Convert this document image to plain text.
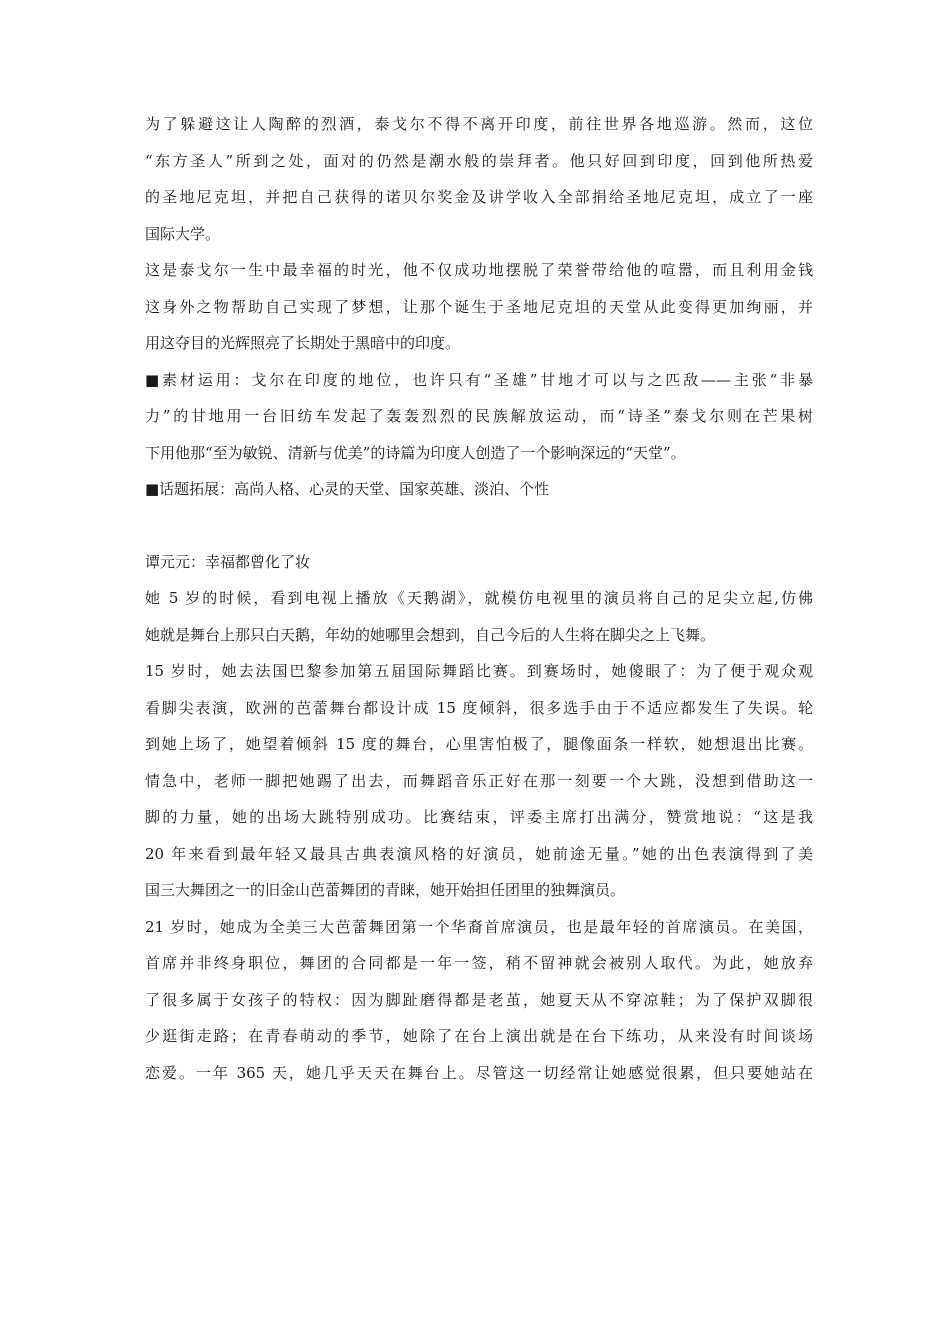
为了躲避这让人陶醉的烈酒，泰戈尔不得不离开印度，前往世界各地巡游。然而，这位
“东方圣人”所到之处，面对的仍然是潮水般的崇拜者。他只好回到印度，回到他所热爱
的圣地尼克坦，并把自己获得的诺贝尔奖金及讲学收入全部捐给圣地尼克坦，成立了一座
国际大学。
这是泰戈尔一生中最幸福的时光，他不仅成功地摆脱了荣誉带给他的喧嚣，而且利用金钱
这身外之物帮助自己实现了梦想，让那个诞生于圣地尼克坦的天堂从此变得更加绚丽，并
用这夺目的光辉照亮了长期处于黑暗中的印度。
■素材运用：戈尔在印度的地位，也许只有“圣雄”甘地才可以与之匹敌——主张“非暴
力”的甘地用一台旧纺车发起了轰轰烈烈的民族解放运动，而“诗圣”泰戈尔则在芒果树
下用他那“至为敏锐、清新与优美”的诗篇为印度人创造了一个影响深远的“天堂”。
■话题拓展：高尚人格、心灵的天堂、国家英雄、淡泊、个性
谭元元：幸福都曾化了妆
她 5 岁的时候，看到电视上播放《天鹅湖》，就模仿电视里的演员将自己的足尖立起,仿佛
她就是舞台上那只白天鹅，年幼的她哪里会想到，自己今后的人生将在脚尖之上飞舞。
15 岁时，她去法国巴黎参加第五届国际舞蹈比赛。到赛场时，她傻眼了：为了便于观众观
看脚尖表演，欧洲的芭蕾舞台都设计成 15 度倾斜，很多选手由于不适应都发生了失误。轮
到她上场了，她望着倾斜 15 度的舞台，心里害怕极了，腿像面条一样软，她想退出比赛。
情急中，老师一脚把她踢了出去，而舞蹈音乐正好在那一刻要一个大跳，没想到借助这一
脚的力量，她的出场大跳特别成功。比赛结束，评委主席打出满分，赞赏地说：“这是我
20 年来看到最年轻又最具古典表演风格的好演员，她前途无量。”她的出色表演得到了美
国三大舞团之一的旧金山芭蕾舞团的青睐，她开始担任团里的独舞演员。
21 岁时，她成为全美三大芭蕾舞团第一个华裔首席演员，也是最年轻的首席演员。在美国，
首席并非终身职位，舞团的合同都是一年一签，稍不留神就会被别人取代。为此，她放弃
了很多属于女孩子的特权：因为脚趾磨得都是老茧，她夏天从不穿凉鞋；为了保护双脚很
少逛街走路；在青春萌动的季节，她除了在台上演出就是在台下练功，从来没有时间谈场
恋爱。一年 365 天，她几乎天天在舞台上。尽管这一切经常让她感觉很累，但只要她站在
